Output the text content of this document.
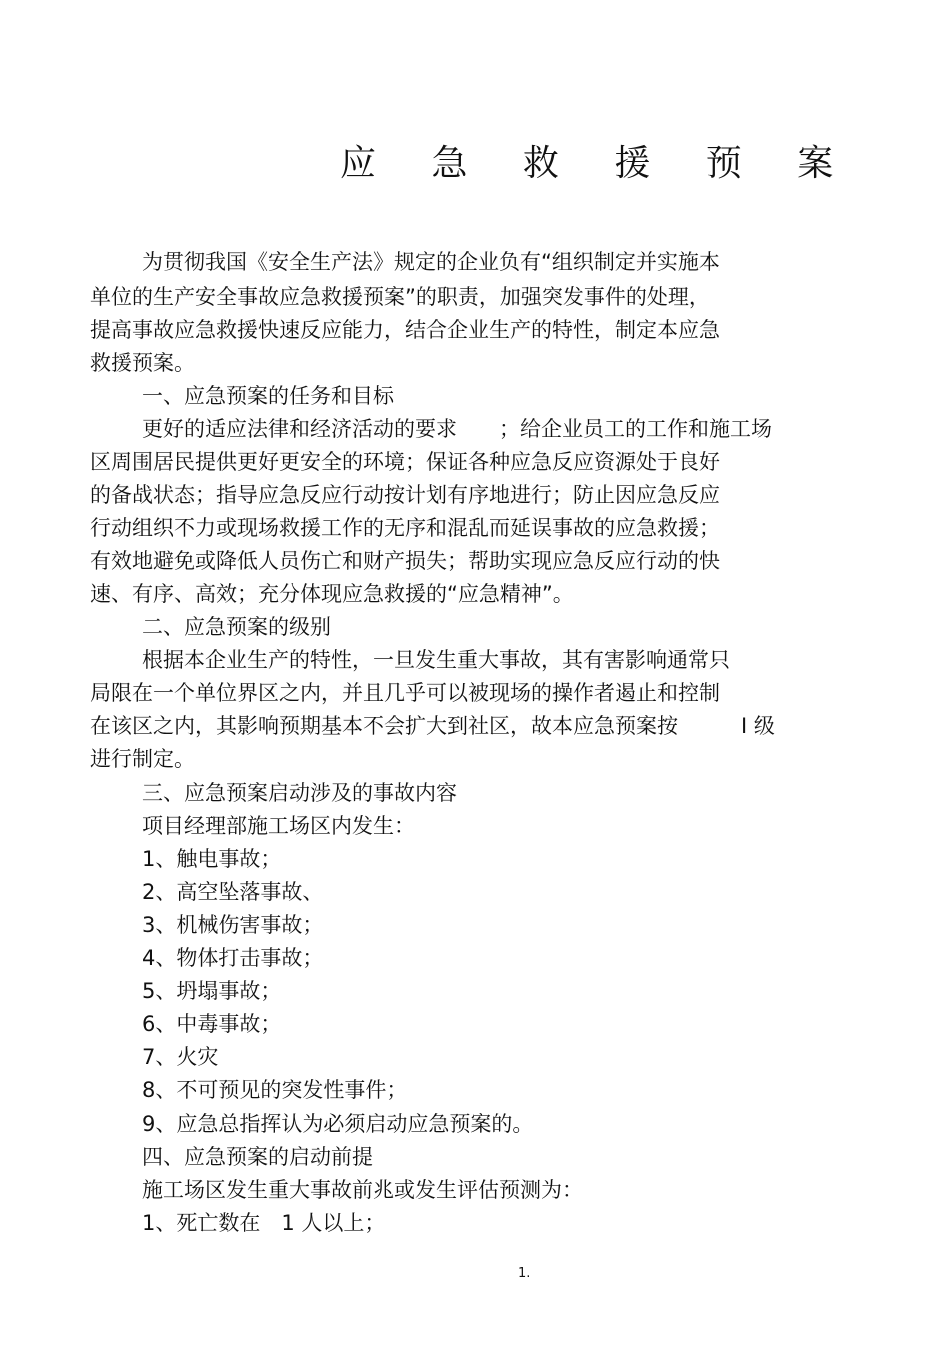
应 急 救 援 预 案
为贯彻我国《安全生产法》规定的企业负有“组织制定并实施本
单位的生产安全事故应急救援预案”的职责，加强突发事件的处理，
提高事故应急救援快速反应能力，结合企业生产的特性，制定本应急
救援预案。
一、应急预案的任务和目标
更好的适应法律和经济活动的要求　　；给企业员工的工作和施工场
区周围居民提供更好更安全的环境；保证各种应急反应资源处于良好
的备战状态；指导应急反应行动按计划有序地进行；防止因应急反应
行动组织不力或现场救援工作的无序和混乱而延误事故的应急救援；
有效地避免或降低人员伤亡和财产损失；帮助实现应急反应行动的快
速、有序、高效；充分体现应急救援的“应急精神”。
二、应急预案的级别
根据本企业生产的特性，一旦发生重大事故，其有害影响通常只
局限在一个单位界区之内，并且几乎可以被现场的操作者遏止和控制
在该区之内，其影响预期基本不会扩大到社区，故本应急预案按　　　Ⅰ 级
进行制定。
三、应急预案启动涉及的事故内容
项目经理部施工场区内发生：
1、触电事故；
2、高空坠落事故、
3、机械伤害事故；
4、物体打击事故；
5、坍塌事故；
6、中毒事故；
7、火灾
8、不可预见的突发性事件；
9、应急总指挥认为必须启动应急预案的。
四、应急预案的启动前提
施工场区发生重大事故前兆或发生评估预测为：
1、死亡数在　1 人以上；
1.
